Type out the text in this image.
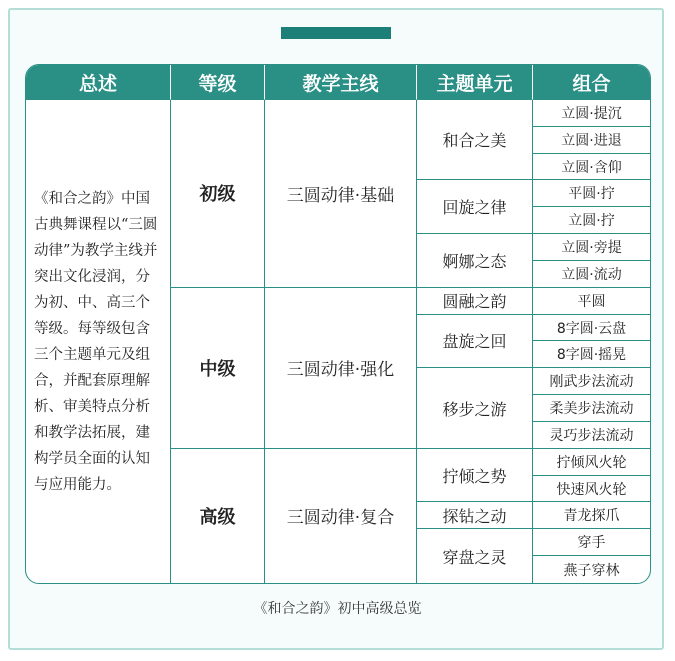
总述	等级	教学主线	主题单元	组合
《和合之韵》中国古典舞课程以“三圆动律”为教学主线并突出文化浸润，分为初、中、高三个等级。每等级包含三个主题单元及组合，并配套原理解析、审美特点分析和教学法拓展，建构学员全面的认知与应用能力。	初级	三圆动律·基础	和合之美	立圆·提沉
				立圆·进退
				立圆·含仰
			回旋之律	平圆·拧
				立圆·拧
			婀娜之态	立圆·旁提
				立圆·流动
	中级	三圆动律·强化	圆融之韵	平圆
			盘旋之回	8字圆·云盘
				8字圆·摇晃
			移步之游	刚武步法流动
				柔美步法流动
				灵巧步法流动
	高级	三圆动律·复合	拧倾之势	拧倾风火轮
				快速风火轮
			探钻之动	青龙探爪
			穿盘之灵	穿手
				燕子穿林
《和合之韵》初中高级总览
